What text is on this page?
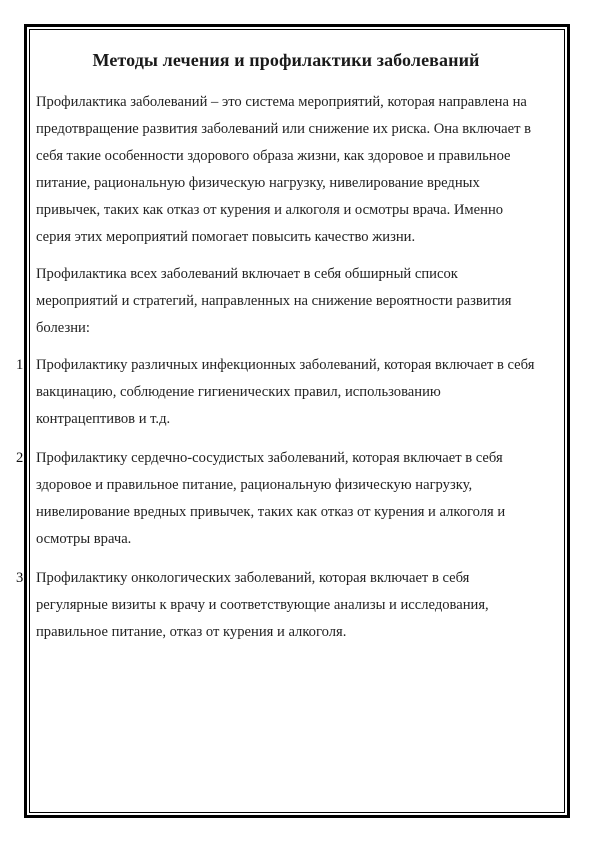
Методы лечения и профилактики заболеваний

Профилактика заболеваний – это система мероприятий, которая направлена на предотвращение развития заболеваний или снижение их риска. Она включает в себя такие особенности здорового образа жизни, как здоровое и правильное питание, рациональную физическую нагрузку, нивелирование вредных привычек, таких как отказ от курения и алкоголя и осмотры врача. Именно серия этих мероприятий помогает повысить качество жизни.

Профилактика всех заболеваний включает в себя обширный список мероприятий и стратегий, направленных на снижение вероятности развития болезни:

1 Профилактику различных инфекционных заболеваний, которая включает в себя вакцинацию, соблюдение гигиенических правил, использованию контрацептивов и т.д.
2 Профилактику сердечно-сосудистых заболеваний, которая включает в себя здоровое и правильное питание, рациональную физическую нагрузку, нивелирование вредных привычек, таких как отказ от курения и алкоголя и осмотры врача.
3 Профилактику онкологических заболеваний, которая включает в себя регулярные визиты к врачу и соответствующие анализы и исследования, правильное питание, отказ от курения и алкоголя.
